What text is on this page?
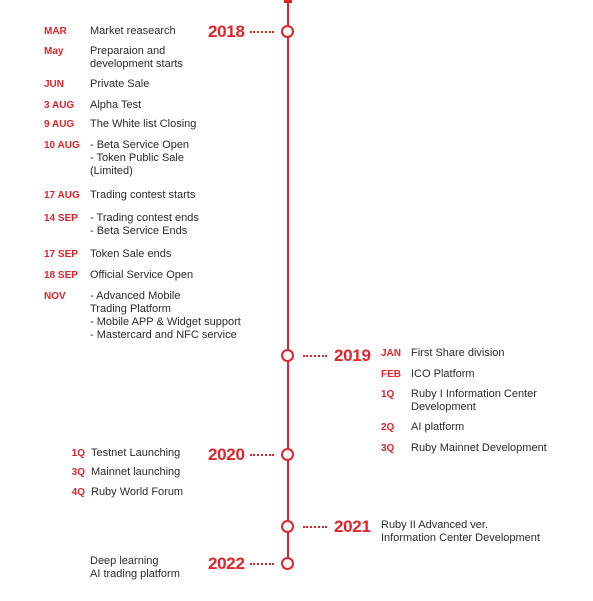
2018
MAR Market reasearch
May Preparaion and
development starts
JUN Private Sale
3 AUG Alpha Test
9 AUG The White list Closing
10 AUG - Beta Service Open
- Token Public Sale
(Limited)
17 AUG Trading contest starts
14 SEP - Trading contest ends
- Beta Service Ends
17 SEP Token Sale ends
18 SEP Official Service Open
NOV - Advanced Mobile
Trading Platform
- Mobile APP & Widget support
- Mastercard and NFC service
2019 JAN First Share division
FEB ICO Platform
1Q Ruby I Information Center
Development
2Q AI platform
3Q Ruby Mainnet Development
2020
1Q Testnet Launching
3Q Mainnet launching
4Q Ruby World Forum
2021 Ruby II Advanced ver.
Information Center Development
Deep learning
AI trading platform
2022
